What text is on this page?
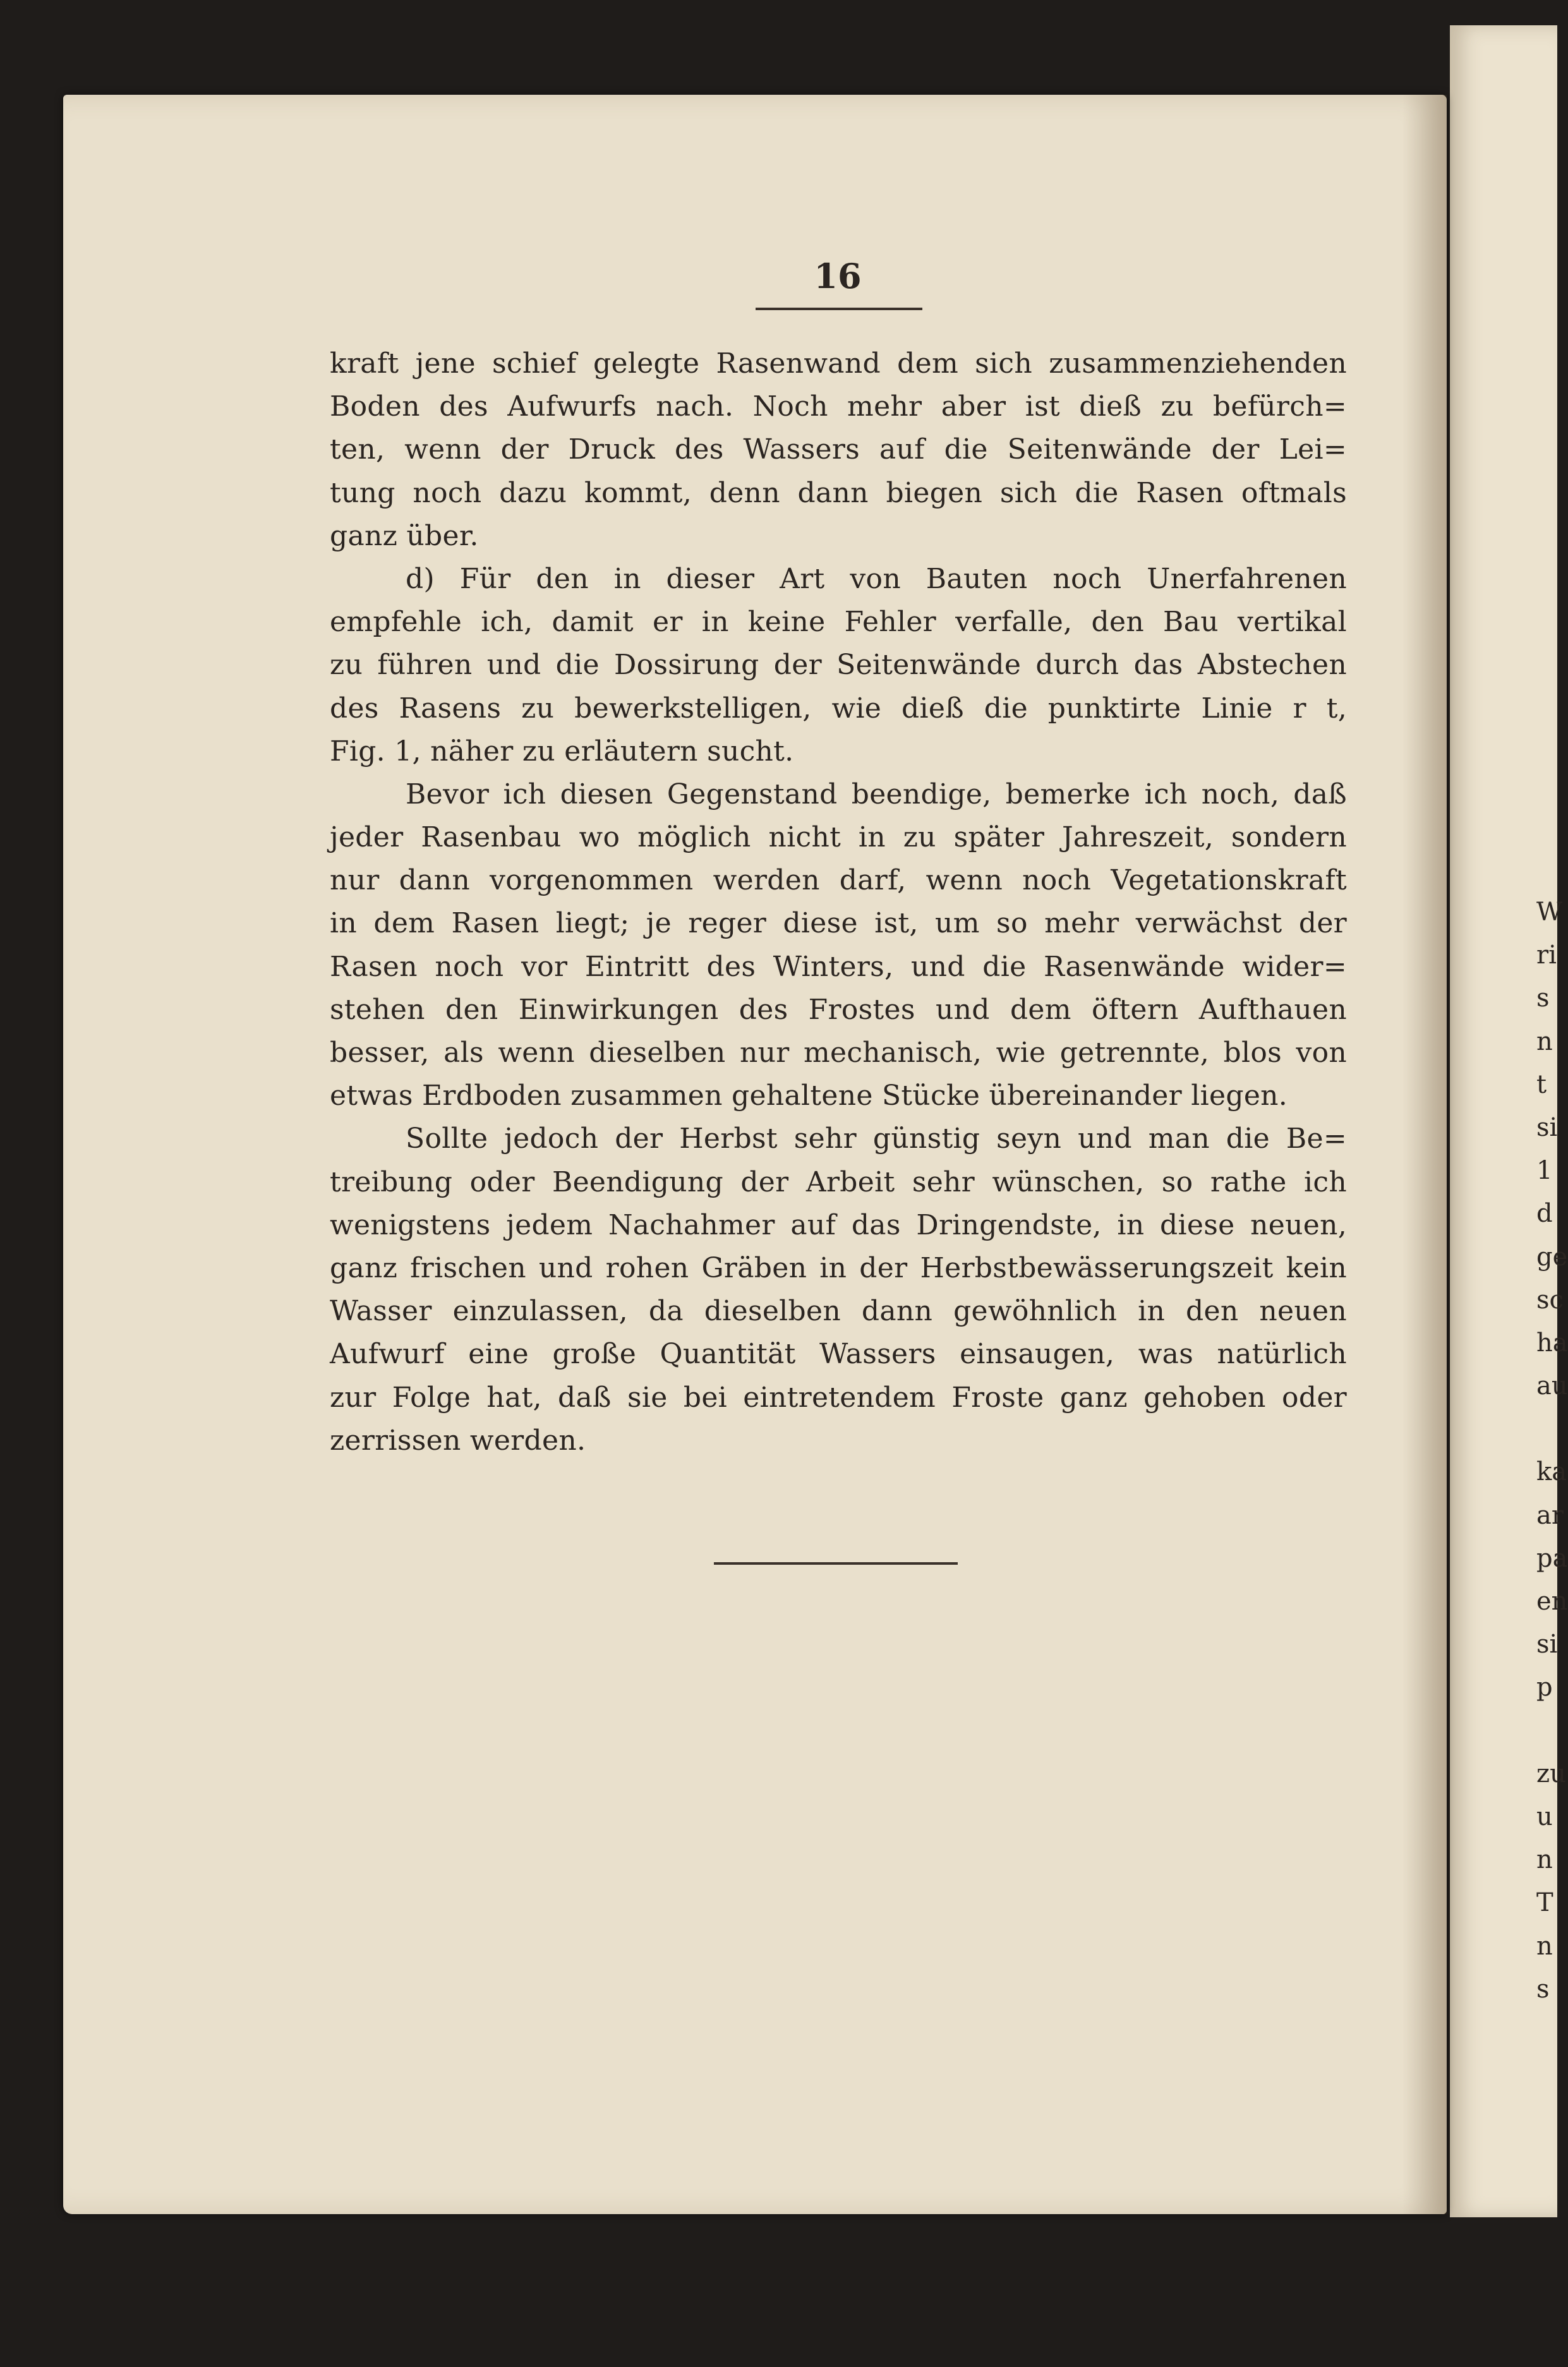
W
ri
s
n
t
si
1
d
ge
sc
ha
au
ka
ar
pa
en
si
p
zu
u
n
T
n
s
16
kraft jene schief gelegte Rasenwand dem sich zusammenziehenden
Boden des Aufwurfs nach. Noch mehr aber ist dieß zu befürch=
ten, wenn der Druck des Wassers auf die Seitenwände der Lei=
tung noch dazu kommt, denn dann biegen sich die Rasen oftmals
ganz über.
d) Für den in dieser Art von Bauten noch Unerfahrenen
empfehle ich, damit er in keine Fehler verfalle, den Bau vertikal
zu führen und die Dossirung der Seitenwände durch das Abstechen
des Rasens zu bewerkstelligen, wie dieß die punktirte Linie r t,
Fig. 1, näher zu erläutern sucht.
Bevor ich diesen Gegenstand beendige, bemerke ich noch, daß
jeder Rasenbau wo möglich nicht in zu später Jahreszeit, sondern
nur dann vorgenommen werden darf, wenn noch Vegetationskraft
in dem Rasen liegt; je reger diese ist, um so mehr verwächst der
Rasen noch vor Eintritt des Winters, und die Rasenwände wider=
stehen den Einwirkungen des Frostes und dem öftern Aufthauen
besser, als wenn dieselben nur mechanisch, wie getrennte, blos von
etwas Erdboden zusammen gehaltene Stücke übereinander liegen.
Sollte jedoch der Herbst sehr günstig seyn und man die Be=
treibung oder Beendigung der Arbeit sehr wünschen, so rathe ich
wenigstens jedem Nachahmer auf das Dringendste, in diese neuen,
ganz frischen und rohen Gräben in der Herbstbewässerungszeit kein
Wasser einzulassen, da dieselben dann gewöhnlich in den neuen
Aufwurf eine große Quantität Wassers einsaugen, was natürlich
zur Folge hat, daß sie bei eintretendem Froste ganz gehoben oder
zerrissen werden.
